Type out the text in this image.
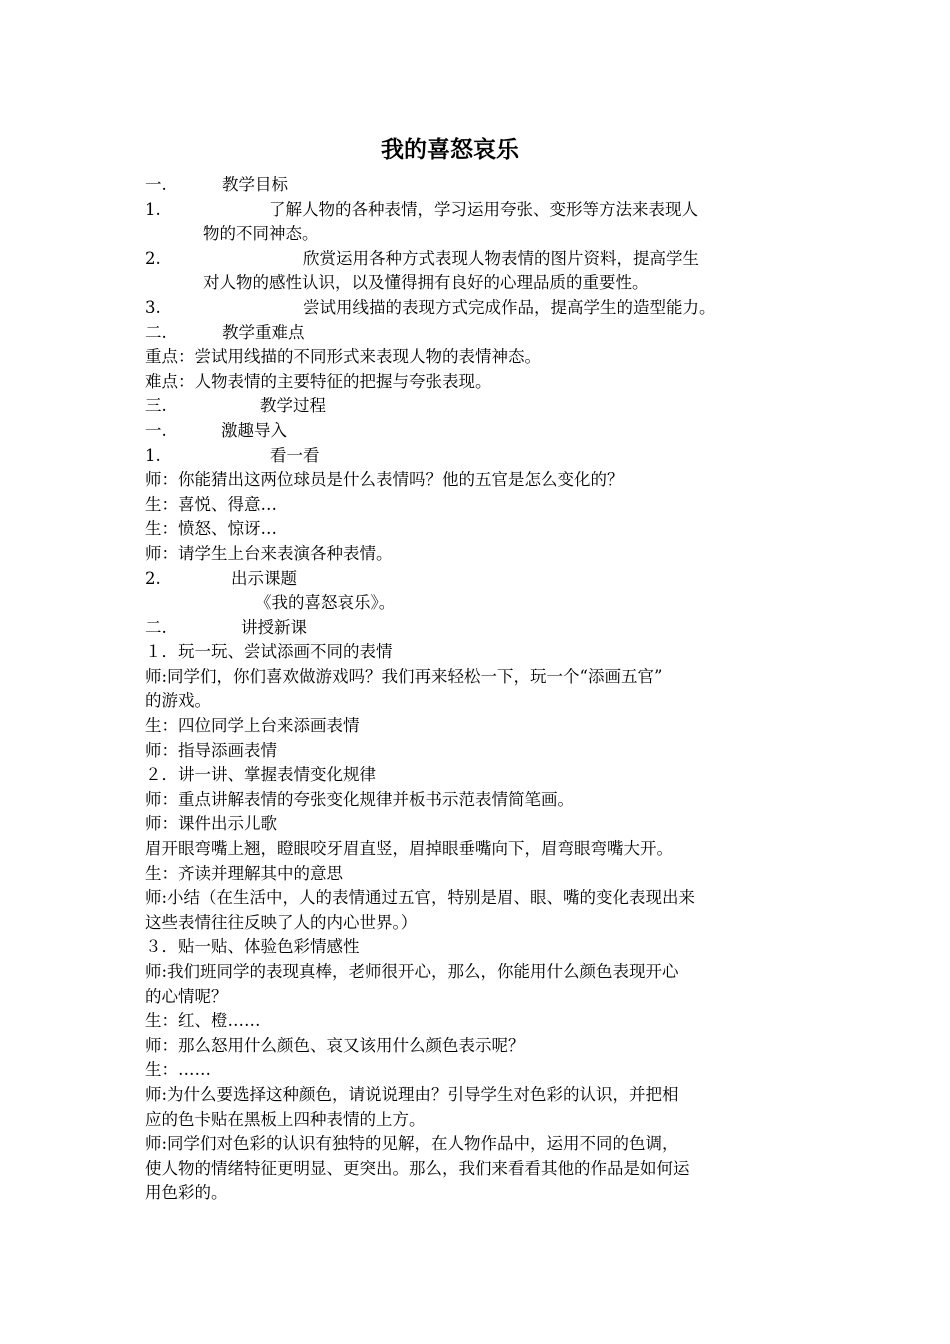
我的喜怒哀乐
一.	教学目标
1.	了解人物的各种表情，学习运用夸张、变形等方法来表现人
物的不同神态。
2.	欣赏运用各种方式表现人物表情的图片资料，提高学生
对人物的感性认识，以及懂得拥有良好的心理品质的重要性。
3.	尝试用线描的表现方式完成作品，提高学生的造型能力。
二.	教学重难点
重点：尝试用线描的不同形式来表现人物的表情神态。
难点：人物表情的主要特征的把握与夸张表现。
三.	教学过程
一.	激趣导入
1.	看一看
师：你能猜出这两位球员是什么表情吗？他的五官是怎么变化的？
生：喜悦、得意…
生：愤怒、惊讶…
师：请学生上台来表演各种表情。
2.	出示课题
《我的喜怒哀乐》。
二.	讲授新课
１．玩一玩、尝试添画不同的表情
师:同学们，你们喜欢做游戏吗？我们再来轻松一下，玩一个“添画五官”
的游戏。
生：四位同学上台来添画表情
师：指导添画表情
２．讲一讲、掌握表情变化规律
师：重点讲解表情的夸张变化规律并板书示范表情简笔画。
师：课件出示儿歌
眉开眼弯嘴上翘，瞪眼咬牙眉直竖，眉掉眼垂嘴向下，眉弯眼弯嘴大开。
生：齐读并理解其中的意思
师:小结（在生活中，人的表情通过五官，特别是眉、眼、嘴的变化表现出来
这些表情往往反映了人的内心世界。）
３．贴一贴、体验色彩情感性
师:我们班同学的表现真棒，老师很开心，那么，你能用什么颜色表现开心
的心情呢？
生：红、橙……
师：那么怒用什么颜色、哀又该用什么颜色表示呢？
生：……
师:为什么要选择这种颜色，请说说理由？引导学生对色彩的认识，并把相
应的色卡贴在黑板上四种表情的上方。
师:同学们对色彩的认识有独特的见解，在人物作品中，运用不同的色调，
使人物的情绪特征更明显、更突出。那么，我们来看看其他的作品是如何运
用色彩的。
